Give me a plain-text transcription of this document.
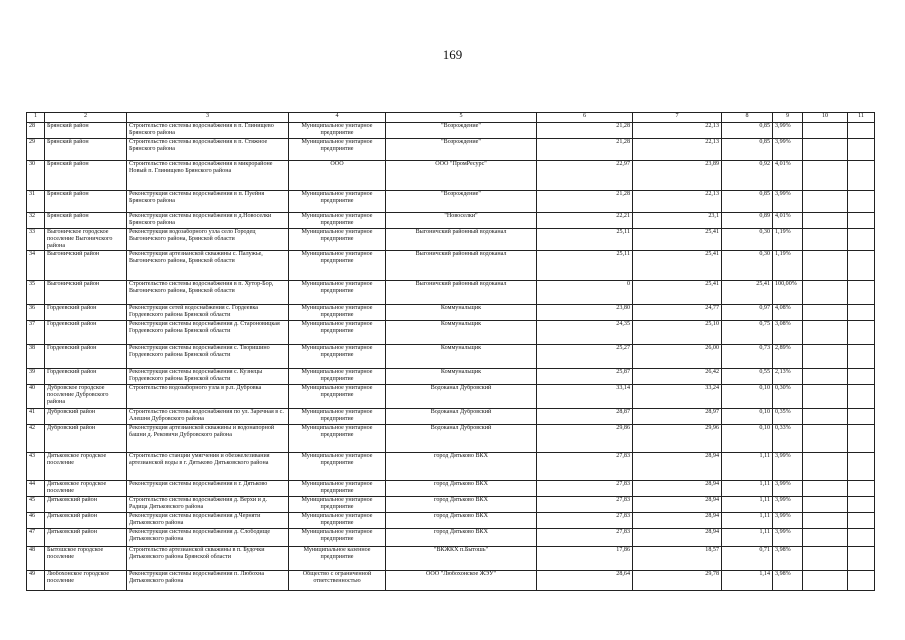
169
1	2	3	4	5	6	7	8	9	10	11
28	Брянский район	Строительство системы водоснабжения в п. Глинищево Брянского района	Муниципальное унитарное предприятие	"Возрождение"	21,28	22,13	0,85	3,99%		
29	Брянский район	Строительство системы водоснабжения в п. Стяжное Брянского района	Муниципальное унитарное предприятие	"Возрождение"	21,28	22,13	0,85	3,99%		
30	Брянский район	Строительство системы водоснабжения в микрорайоне Новый п. Глинищево Брянского района	ООО	ООО "ПромРесурс"	22,97	23,89	0,92	4,01%		
31	Брянский район	Реконструкция системы водоснабжения в п. Пуейня Брянского района	Муниципальное унитарное предприятие	"Возрождение"	21,28	22,13	0,85	3,99%		
32	Брянский район	Реконструкция системы водоснабжения в д.Новоселки Брянского района	Муниципальное унитарное предприятие	"Новоселки"	22,21	23,1	0,89	4,01%		
33	Выгоничское городское поселение Выгоничского района	Реконструкция водозаборного узла село Городец Выгоничского района, Брянской области	Муниципальное унитарное предприятие	Выгоничский районный водоканал	25,11	25,41	0,30	1,19%		
34	Выгоничский район	Реконструкция артезианской скважины с. Палужье, Выгоничского района, Брянской области	Муниципальное унитарное предприятие	Выгоничский районный водоканал	25,11	25,41	0,30	1,19%		
35	Выгоничский район	Строительство системы водоснабжения в п. Хутор-Бор, Выгоничского района, Брянской области	Муниципальное унитарное предприятие	Выгоничский районный водоканал	0	25,41	25,41	100,00%		
36	Гордеевский район	Реконструкция сетей водоснабжения с. Гордеевка Гордеевского района Брянской области	Муниципальное унитарное предприятие	Коммунальщик	23,80	24,77	0,97	4,08%		
37	Гордеевский район	Реконструкция системы водоснабжения д. Староновицкая Гордеевского района Брянской области	Муниципальное унитарное предприятие	Коммунальщик	24,35	25,10	0,75	3,08%		
38	Гордеевский район	Реконструкция системы водоснабжения с. Творишино Гордеевского района Брянской области	Муниципальное унитарное предприятие	Коммунальщик	25,27	26,00	0,73	2,89%		
39	Гордеевский район	Реконструкция системы водоснабжения с. Кузнецы Гордеевского района Брянской области	Муниципальное унитарное предприятие	Коммунальщик	25,87	26,42	0,55	2,13%		
40	Дубровское городское поселение Дубровского района	Строительство водозаборного узла в р.п. Дубровка	Муниципальное унитарное предприятие	Водоканал Дубровский	33,14	33,24	0,10	0,30%		
41	Дубровский район	Строительство системы водоснабжения по ул. Заречная в с. Алешня Дубровского района	Муниципальное унитарное предприятие	Водоканал Дубровский	28,87	28,97	0,10	0,35%		
42	Дубровский район	Реконструкция артезианской скважины и водонапорной башни д. Рековичи Дубровского района	Муниципальное унитарное предприятие	Водоканал Дубровский	29,86	29,96	0,10	0,33%		
43	Дятьковское городское поселение	Строительство станции умягчения и обезжелезивания артезианской воды в г. Дятьково Дятьковского района	Муниципальное унитарное предприятие	город Дятьково ВКХ	27,83	28,94	1,11	3,99%		
44	Дятьковское городское поселение	Реконструкция системы водоснабжения в г. Дятьково	Муниципальное унитарное предприятие	город Дятьково ВКХ	27,83	28,94	1,11	3,99%		
45	Дятьковский район	Строительство системы водоснабжения д. Верхи и д. Радица Дятьковского района	Муниципальное унитарное предприятие	город Дятьково ВКХ	27,83	28,94	1,11	3,99%		
46	Дятьковский район	Реконструкция системы водоснабжения д.Черняти Дятьковского района	Муниципальное унитарное предприятие	город Дятьково ВКХ	27,83	28,94	1,11	3,99%		
47	Дятьковский район	Реконструкция системы водоснабжения д. Слободище Дятьковского района	Муниципальное унитарное предприятие	город Дятьково ВКХ	27,83	28,94	1,11	3,99%		
48	Бытошское городское поселение	Строительство артезианской скважины в п. Будочки Дятьковского района Брянской области	Муниципальное казенное предприятие	"ВКЖКХ п.Бытошь"	17,86	18,57	0,71	3,98%		
49	Любохонское городское поселение	Реконструкция системы водоснабжения п. Любохна Дятьковского района	Общество с ограниченной ответственностью	ООО "Любохонское ЖЭУ"	28,64	29,78	1,14	3,98%		
